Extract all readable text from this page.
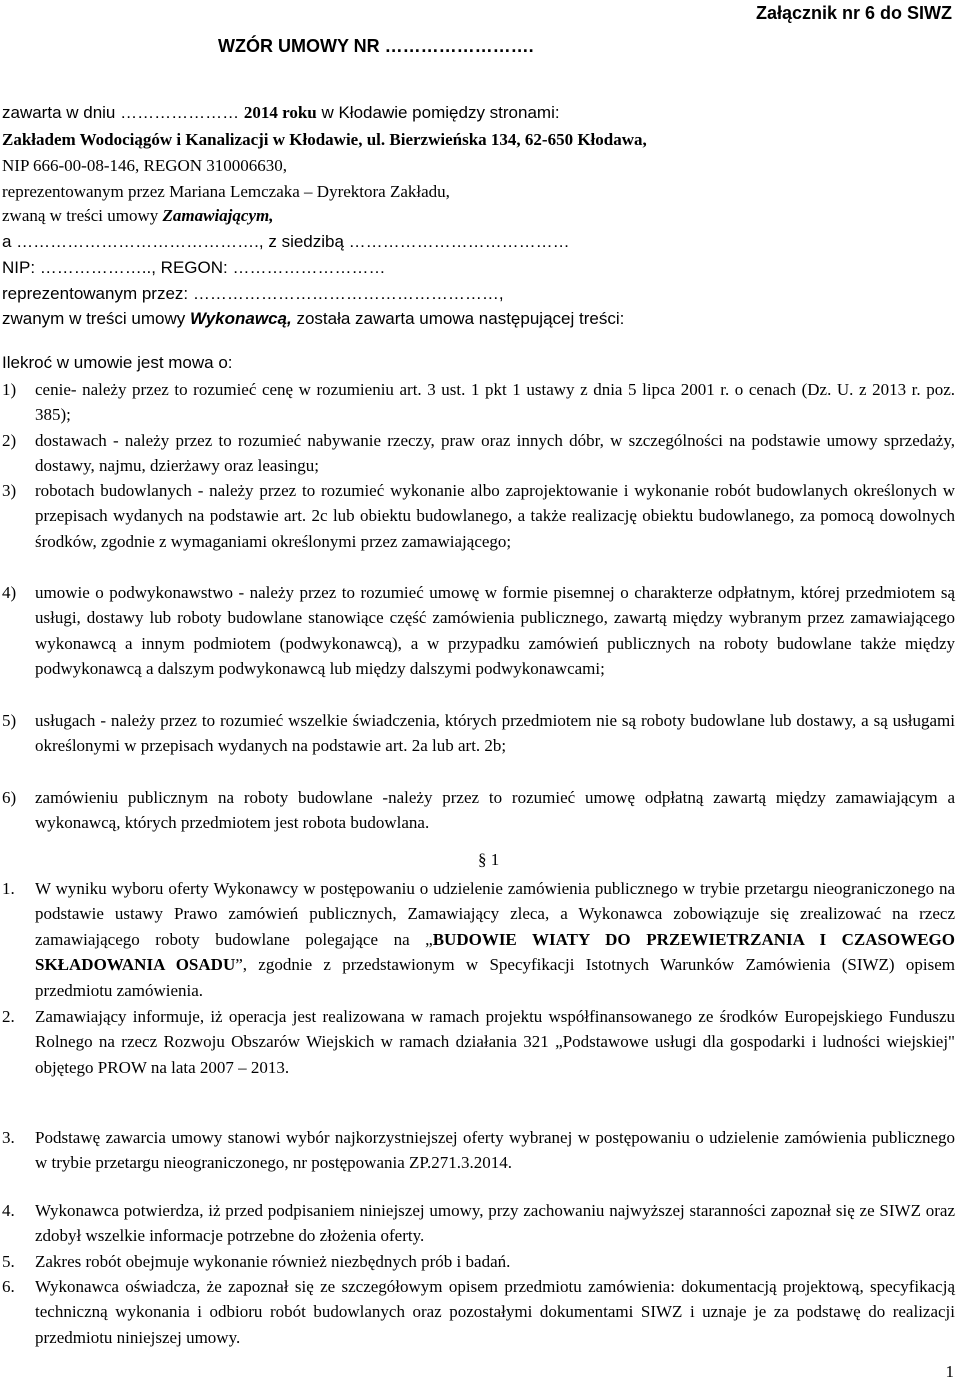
Załącznik nr 6 do SIWZ
WZÓR UMOWY NR …………………….
zawarta w dniu ………………… 2014 roku w Kłodawie pomiędzy stronami:
Zakładem Wodociągów i Kanalizacji w Kłodawie, ul. Bierzwieńska 134, 62-650 Kłodawa,
NIP 666-00-08-146, REGON 310006630,
reprezentowanym przez Mariana Lemczaka – Dyrektora Zakładu,
zwaną w treści umowy Zamawiającym,
a ……………………………………., z siedzibą …………………………………
NIP: ……………….., REGON: ………………………
reprezentowanym przez: ………………………………………………,
zwanym w treści umowy Wykonawcą, została zawarta umowa następującej treści:
Ilekroć w umowie jest mowa o:
1) cenie- należy przez to rozumieć cenę w rozumieniu art. 3 ust. 1 pkt 1 ustawy z dnia 5 lipca 2001 r. o cenach (Dz. U. z 2013 r. poz. 385);
2) dostawach - należy przez to rozumieć nabywanie rzeczy, praw oraz innych dóbr, w szczególności na podstawie umowy sprzedaży, dostawy, najmu, dzierżawy oraz leasingu;
3) robotach budowlanych - należy przez to rozumieć wykonanie albo zaprojektowanie i wykonanie robót budowlanych określonych w przepisach wydanych na podstawie art. 2c lub obiektu budowlanego, a także realizację obiektu budowlanego, za pomocą dowolnych środków, zgodnie z wymaganiami określonymi przez zamawiającego;
4) umowie o podwykonawstwo - należy przez to rozumieć umowę w formie pisemnej o charakterze odpłatnym, której przedmiotem są usługi, dostawy lub roboty budowlane stanowiące część zamówienia publicznego, zawartą między wybranym przez zamawiającego wykonawcą a innym podmiotem (podwykonawcą), a w przypadku zamówień publicznych na roboty budowlane także między podwykonawcą a dalszym podwykonawcą lub między dalszymi podwykonawcami;
5) usługach - należy przez to rozumieć wszelkie świadczenia, których przedmiotem nie są roboty budowlane lub dostawy, a są usługami określonymi w przepisach wydanych na podstawie art. 2a lub art. 2b;
6) zamówieniu publicznym na roboty budowlane -należy przez to rozumieć umowę odpłatną zawartą między zamawiającym a wykonawcą, których przedmiotem jest robota budowlana.
§ 1
1. W wyniku wyboru oferty Wykonawcy w postępowaniu o udzielenie zamówienia publicznego w trybie przetargu nieograniczonego na podstawie ustawy Prawo zamówień publicznych, Zamawiający zleca, a Wykonawca zobowiązuje się zrealizować na rzecz zamawiającego roboty budowlane polegające na „BUDOWIE WIATY DO PRZEWIETRZANIA I CZASOWEGO SKŁADOWANIA OSADU”, zgodnie z przedstawionym w Specyfikacji Istotnych Warunków Zamówienia (SIWZ) opisem przedmiotu zamówienia.
2. Zamawiający informuje, iż operacja jest realizowana w ramach projektu współfinansowanego ze środków Europejskiego Funduszu Rolnego na rzecz Rozwoju Obszarów Wiejskich w ramach działania 321 „Podstawowe usługi dla gospodarki i ludności wiejskiej" objętego PROW na lata 2007 – 2013.
3. Podstawę zawarcia umowy stanowi wybór najkorzystniejszej oferty wybranej w postępowaniu o udzielenie zamówienia publicznego w trybie przetargu nieograniczonego, nr postępowania ZP.271.3.2014.
4. Wykonawca potwierdza, iż przed podpisaniem niniejszej umowy, przy zachowaniu najwyższej staranności zapoznał się ze SIWZ oraz zdobył wszelkie informacje potrzebne do złożenia oferty.
5. Zakres robót obejmuje wykonanie również niezbędnych prób i badań.
6. Wykonawca oświadcza, że zapoznał się ze szczegółowym opisem przedmiotu zamówienia: dokumentacją projektową, specyfikacją techniczną wykonania i odbioru robót budowlanych oraz pozostałymi dokumentami SIWZ i uznaje je za podstawę do realizacji przedmiotu niniejszej umowy.
1
